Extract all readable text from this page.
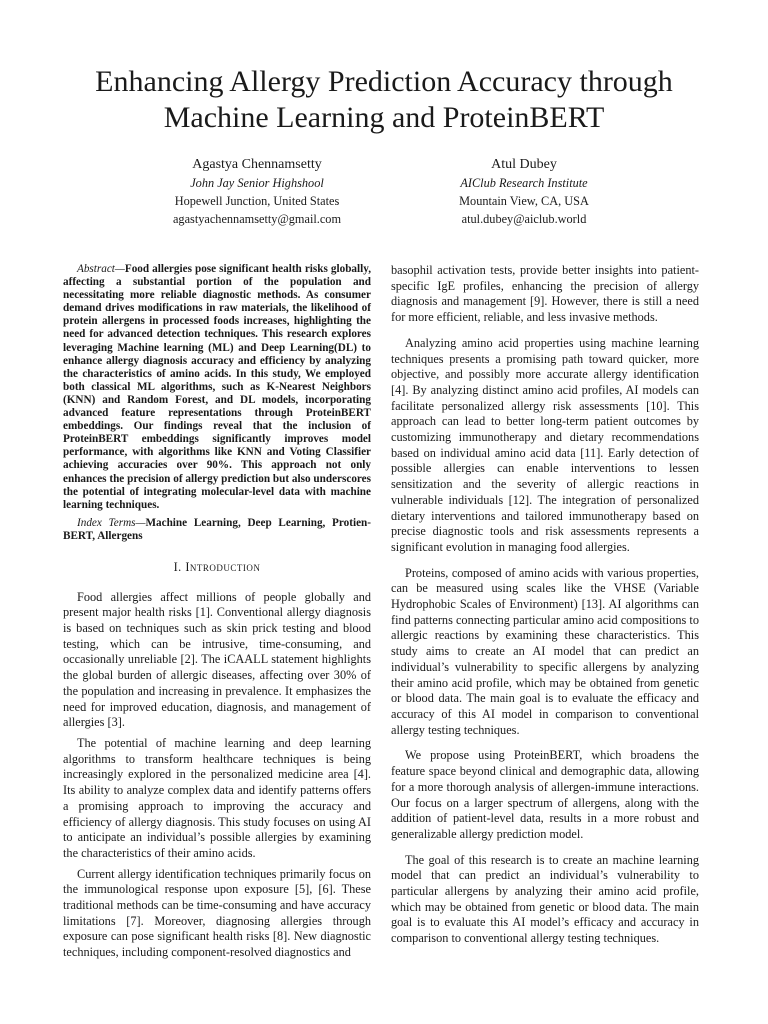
Enhancing Allergy Prediction Accuracy through Machine Learning and ProteinBERT
Agastya Chennamsetty
John Jay Senior Highshool
Hopewell Junction, United States
agastyachennamsetty@gmail.com
Atul Dubey
AIClub Research Institute
Mountain View, CA, USA
atul.dubey@aiclub.world

Abstract—Food allergies pose significant health risks globally, affecting a substantial portion of the population and necessitating more reliable diagnostic methods. As consumer demand drives modifications in raw materials, the likelihood of protein allergens in processed foods increases, highlighting the need for advanced detection techniques. This research explores leveraging Machine learning (ML) and Deep Learning(DL) to enhance allergy diagnosis accuracy and efficiency by analyzing the characteristics of amino acids. In this study, We employed both classical ML algorithms, such as K-Nearest Neighbors (KNN) and Random Forest, and DL models, incorporating advanced feature representations through ProteinBERT embeddings. Our findings reveal that the inclusion of ProteinBERT embeddings significantly improves model performance, with algorithms like KNN and Voting Classifier achieving accuracies over 90%. This approach not only enhances the precision of allergy prediction but also underscores the potential of integrating molecular-level data with machine learning techniques.

Index Terms—Machine Learning, Deep Learning, Protien-BERT, Allergens

I. Introduction

Food allergies affect millions of people globally and present major health risks [1]. Conventional allergy diagnosis is based on techniques such as skin prick testing and blood testing, which can be intrusive, time-consuming, and occasionally unreliable [2]. The iCAALL statement highlights the global burden of allergic diseases, affecting over 30% of the population and increasing in prevalence. It emphasizes the need for improved education, diagnosis, and management of allergies [3].

The potential of machine learning and deep learning algorithms to transform healthcare techniques is being increasingly explored in the personalized medicine area [4]. Its ability to analyze complex data and identify patterns offers a promising approach to improving the accuracy and efficiency of allergy diagnosis. This study focuses on using AI to anticipate an individual’s possible allergies by examining the characteristics of their amino acids.

Current allergy identification techniques primarily focus on the immunological response upon exposure [5], [6]. These traditional methods can be time-consuming and have accuracy limitations [7]. Moreover, diagnosing allergies through exposure can pose significant health risks [8]. New diagnostic techniques, including component-resolved diagnostics and

basophil activation tests, provide better insights into patient-specific IgE profiles, enhancing the precision of allergy diagnosis and management [9]. However, there is still a need for more efficient, reliable, and less invasive methods.

Analyzing amino acid properties using machine learning techniques presents a promising path toward quicker, more objective, and possibly more accurate allergy identification [4]. By analyzing distinct amino acid profiles, AI models can facilitate personalized allergy risk assessments [10]. This approach can lead to better long-term patient outcomes by customizing immunotherapy and dietary recommendations based on individual amino acid data [11]. Early detection of possible allergies can enable interventions to lessen sensitization and the severity of allergic reactions in vulnerable individuals [12]. The integration of personalized dietary interventions and tailored immunotherapy based on precise diagnostic tools and risk assessments represents a significant evolution in managing food allergies.

Proteins, composed of amino acids with various properties, can be measured using scales like the VHSE (Variable Hydrophobic Scales of Environment) [13]. AI algorithms can find patterns connecting particular amino acid compositions to allergic reactions by examining these characteristics. This study aims to create an AI model that can predict an individual’s vulnerability to specific allergens by analyzing their amino acid profile, which may be obtained from genetic or blood data. The main goal is to evaluate the efficacy and accuracy of this AI model in comparison to conventional allergy testing techniques.

We propose using ProteinBERT, which broadens the feature space beyond clinical and demographic data, allowing for a more thorough analysis of allergen-immune interactions. Our focus on a larger spectrum of allergens, along with the addition of patient-level data, results in a more robust and generalizable allergy prediction model.

The goal of this research is to create an machine learning model that can predict an individual’s vulnerability to particular allergens by analyzing their amino acid profile, which may be obtained from genetic or blood data. The main goal is to evaluate this AI model’s efficacy and accuracy in comparison to conventional allergy testing techniques.
